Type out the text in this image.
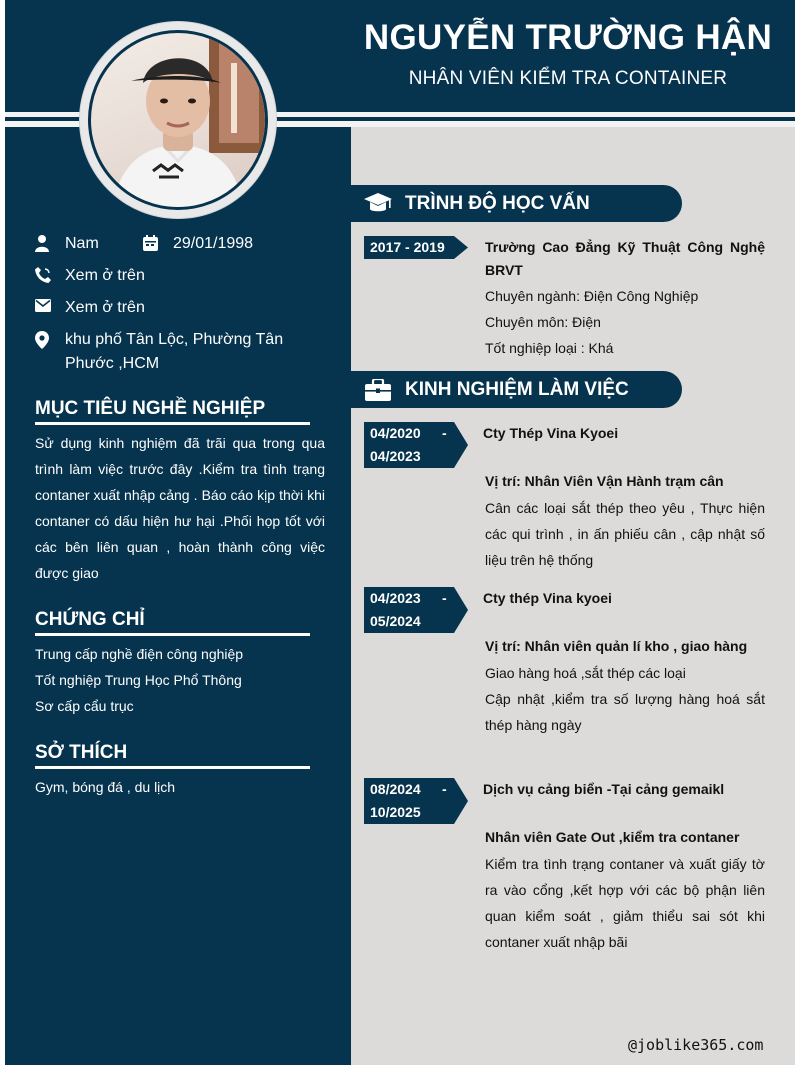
NGUYỄN TRƯỜNG HẬN
NHÂN VIÊN KIỂM TRA CONTAINER
Nam	29/01/1998
Xem ở trên
Xem ở trên
khu phố Tân Lộc, Phường Tân Phước ,HCM
MỤC TIÊU NGHỀ NGHIỆP
Sử dụng kinh nghiệm đã trãi qua trong qua trình làm việc trước đây .Kiểm tra tình trạng contaner xuất nhập cảng . Báo cáo kịp thời khi contaner có dấu hiện hư hại .Phối họp tốt với các bên liên quan , hoàn thành công việc được giao
CHỨNG CHỈ
Trung cấp nghề điện công nghiệp
Tốt nghiệp Trung Học Phổ Thông
Sơ cấp cẩu trục
SỞ THÍCH
Gym, bóng đá , du lịch
TRÌNH ĐỘ HỌC VẤN
2017 - 2019	Trường Cao Đẳng Kỹ Thuật Công Nghệ BRVT
Chuyên ngành: Điện Công Nghiệp
Chuyên môn: Điện
Tốt nghiệp loại : Khá
KINH NGHIỆM LÀM VIỆC
04/2020 -
04/2023
Cty Thép Vina Kyoei
Vị trí: Nhân Viên Vận Hành trạm cân
Cân các loại sắt thép theo yêu , Thực hiện các qui trình , in ấn phiếu cân , cập nhật số liệu trên hệ thống
04/2023 -
05/2024
Cty thép Vina kyoei
Vị trí: Nhân viên quản lí kho , giao hàng
Giao hàng hoá ,sắt thép các loại
Cập nhật ,kiểm tra số lượng hàng hoá sắt thép hàng ngày
08/2024 -
10/2025
Dịch vụ cảng biển -Tại cảng gemaikl
Nhân viên Gate Out ,kiểm tra contaner
Kiểm tra tình trạng contaner và xuất giấy tờ ra vào cổng ,kết hợp với các bộ phận liên quan kiểm soát , giảm thiểu sai sót khi contaner xuất nhập bãi
@joblike365.com
